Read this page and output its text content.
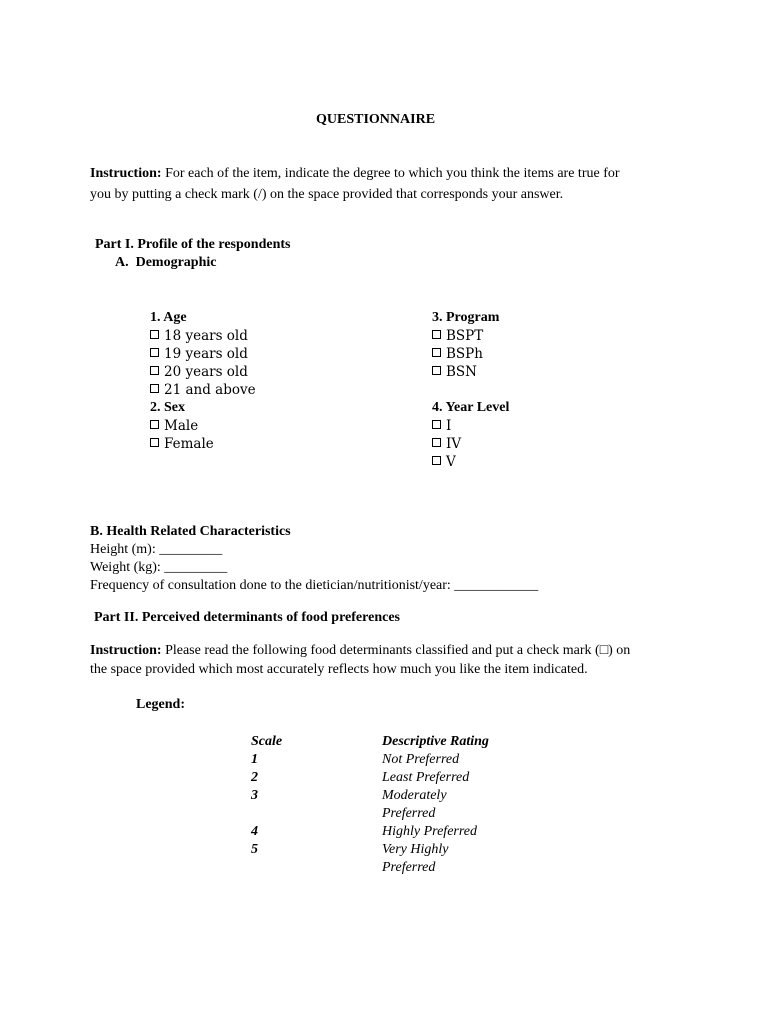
QUESTIONNAIRE
Instruction: For each of the item, indicate the degree to which you think the items are true for
you by putting a check mark (/) on the space provided that corresponds your answer.
Part I. Profile of the respondents
A.  Demographic
1. Age
18 years old
19 years old
20 years old
21 and above
2. Sex
Male
Female
3. Program
BSPT
BSPh
BSN
4. Year Level
I
IV
V
B. Health Related Characteristics
Height (m): _________
Weight (kg): _________
Frequency of consultation done to the dietician/nutritionist/year: ____________
Part II. Perceived determinants of food preferences
Instruction: Please read the following food determinants classified and put a check mark (□) on
the space provided which most accurately reflects how much you like the item indicated.
Legend:
Scale	Descriptive Rating
1	Not Preferred
2	Least Preferred
3	Moderately
Preferred
4	Highly Preferred
5	Very Highly
Preferred
